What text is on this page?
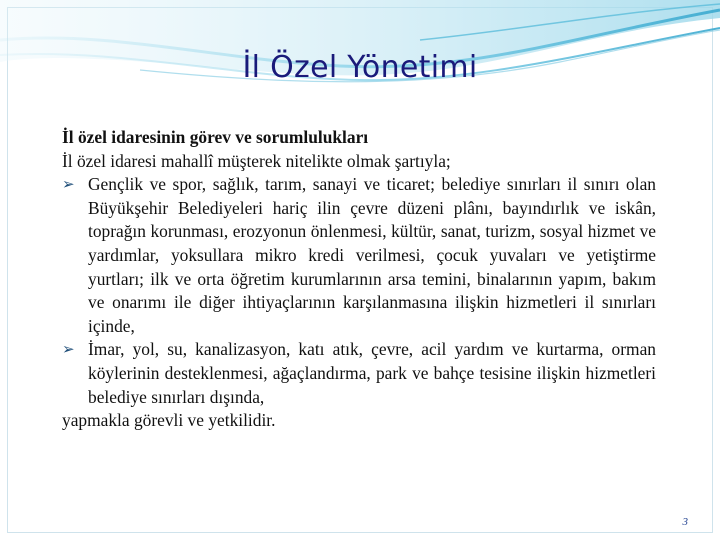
İl Özel Yönetimi

İl özel idaresinin görev ve sorumlulukları

İl özel idaresi mahallî müşterek nitelikte olmak şartıyla;

➢ Gençlik ve spor, sağlık, tarım, sanayi ve ticaret; belediye sınırları il sınırı olan Büyükşehir Belediyeleri hariç ilin çevre düzeni plânı, bayındırlık ve iskân, toprağın korunması, erozyonun önlenmesi, kültür, sanat, turizm, sosyal hizmet ve yardımlar, yoksullara mikro kredi verilmesi, çocuk yuvaları ve yetiştirme yurtları; ilk ve orta öğretim kurumlarının arsa temini, binalarının yapım, bakım ve onarımı ile diğer ihtiyaçlarının karşılanmasına ilişkin hizmetleri il sınırları içinde,
➢ İmar, yol, su, kanalizasyon, katı atık, çevre, acil yardım ve kurtarma, orman köylerinin desteklenmesi, ağaçlandırma, park ve bahçe tesisine ilişkin hizmetleri belediye sınırları dışında,

yapmakla görevli ve yetkilidir.

3
